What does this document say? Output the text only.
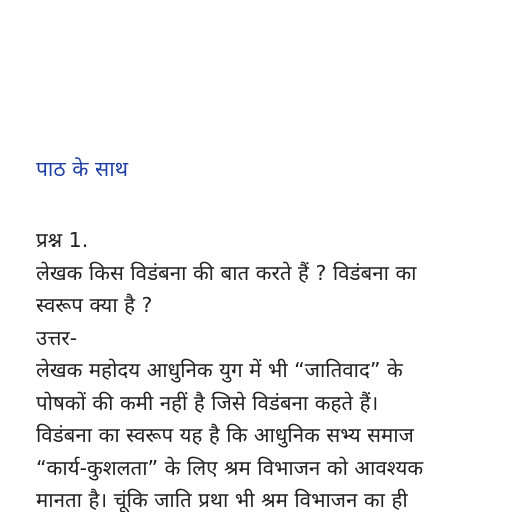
पाठ के साथ
प्रश्न 1.
लेखक किस विडंबना की बात करते हैं ? विडंबना का
स्वरूप क्या है ?
उत्तर-
लेखक महोदय आधुनिक युग में भी “जातिवाद” के
पोषकों की कमी नहीं है जिसे विडंबना कहते हैं।
विडंबना का स्वरूप यह है कि आधुनिक सभ्य समाज
“कार्य-कुशलता” के लिए श्रम विभाजन को आवश्यक
मानता है। चूंकि जाति प्रथा भी श्रम विभाजन का ही
